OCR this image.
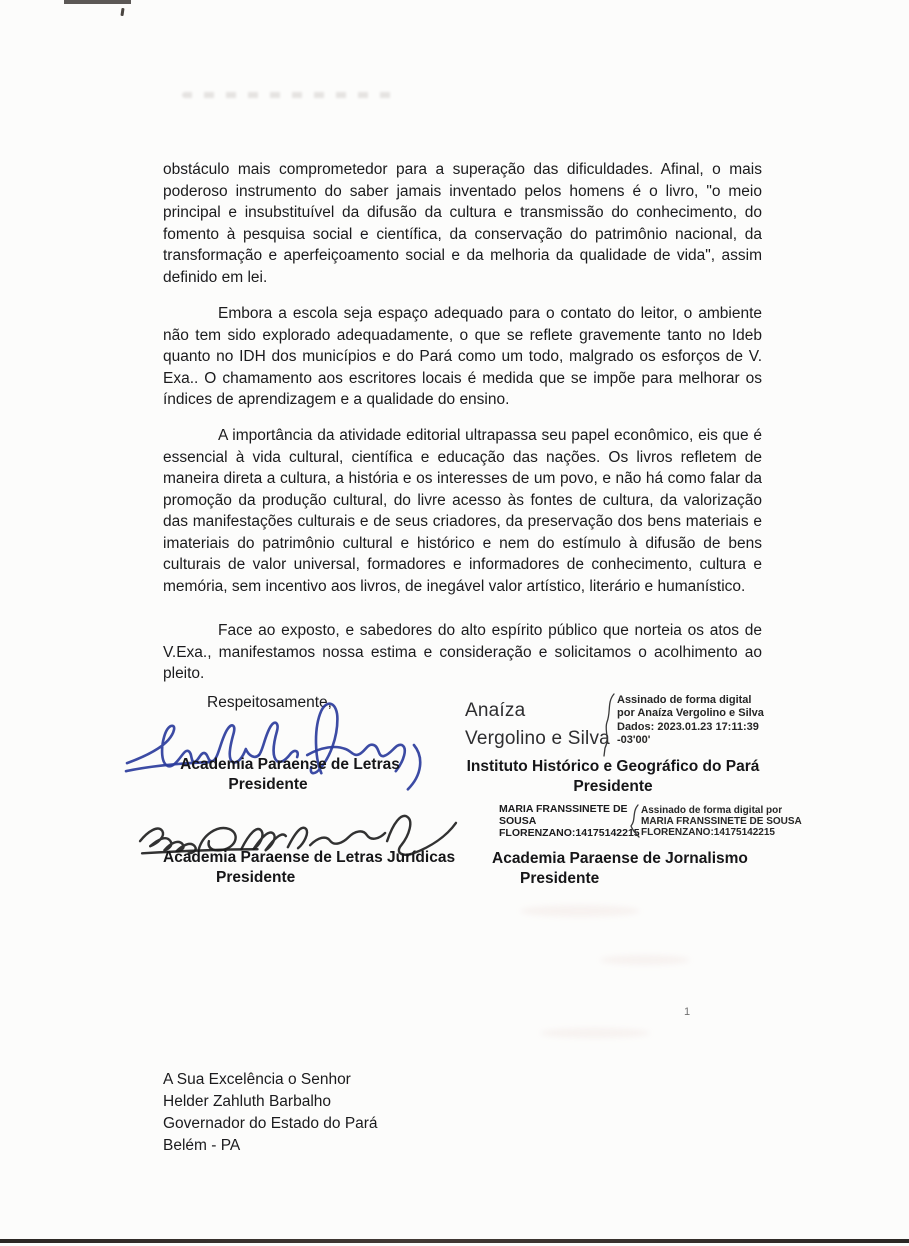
obstáculo mais comprometedor para a superação das dificuldades. Afinal, o mais poderoso instrumento do saber jamais inventado pelos homens é o livro, "o meio principal e insubstituível da difusão da cultura e transmissão do conhecimento, do fomento à pesquisa social e científica, da conservação do patrimônio nacional, da transformação e aperfeiçoamento social e da melhoria da qualidade de vida", assim definido em lei.

Embora a escola seja espaço adequado para o contato do leitor, o ambiente não tem sido explorado adequadamente, o que se reflete gravemente tanto no Ideb quanto no IDH dos municípios e do Pará como um todo, malgrado os esforços de V. Exa.. O chamamento aos escritores locais é medida que se impõe para melhorar os índices de aprendizagem e a qualidade do ensino.

A importância da atividade editorial ultrapassa seu papel econômico, eis que é essencial à vida cultural, científica e educação das nações. Os livros refletem de maneira direta a cultura, a história e os interesses de um povo, e não há como falar da promoção da produção cultural, do livre acesso às fontes de cultura, da valorização das manifestações culturais e de seus criadores, da preservação dos bens materiais e imateriais do patrimônio cultural e histórico e nem do estímulo à difusão de bens culturais de valor universal, formadores e informadores de conhecimento, cultura e memória, sem incentivo aos livros, de inegável valor artístico, literário e humanístico.

Face ao exposto, e sabedores do alto espírito público que norteia os atos de V.Exa., manifestamos nossa estima e consideração e solicitamos o acolhimento ao pleito.

Respeitosamente,
Academia Paraense de Letras
Presidente
Anaíza
Vergolino e Silva
Assinado de forma digital
por Anaíza Vergolino e Silva
Dados: 2023.01.23 17:11:39
-03'00'
Instituto Histórico e Geográfico do Pará
Presidente
Academia Paraense de Letras Jurídicas
Presidente
MARIA FRANSSINETE DE
SOUSA
FLORENZANO:14175142215
Assinado de forma digital por
MARIA FRANSSINETE DE SOUSA
FLORENZANO:14175142215
Academia Paraense de Jornalismo
Presidente
1
A Sua Excelência o Senhor
Helder Zahluth Barbalho
Governador do Estado do Pará
Belém - PA
